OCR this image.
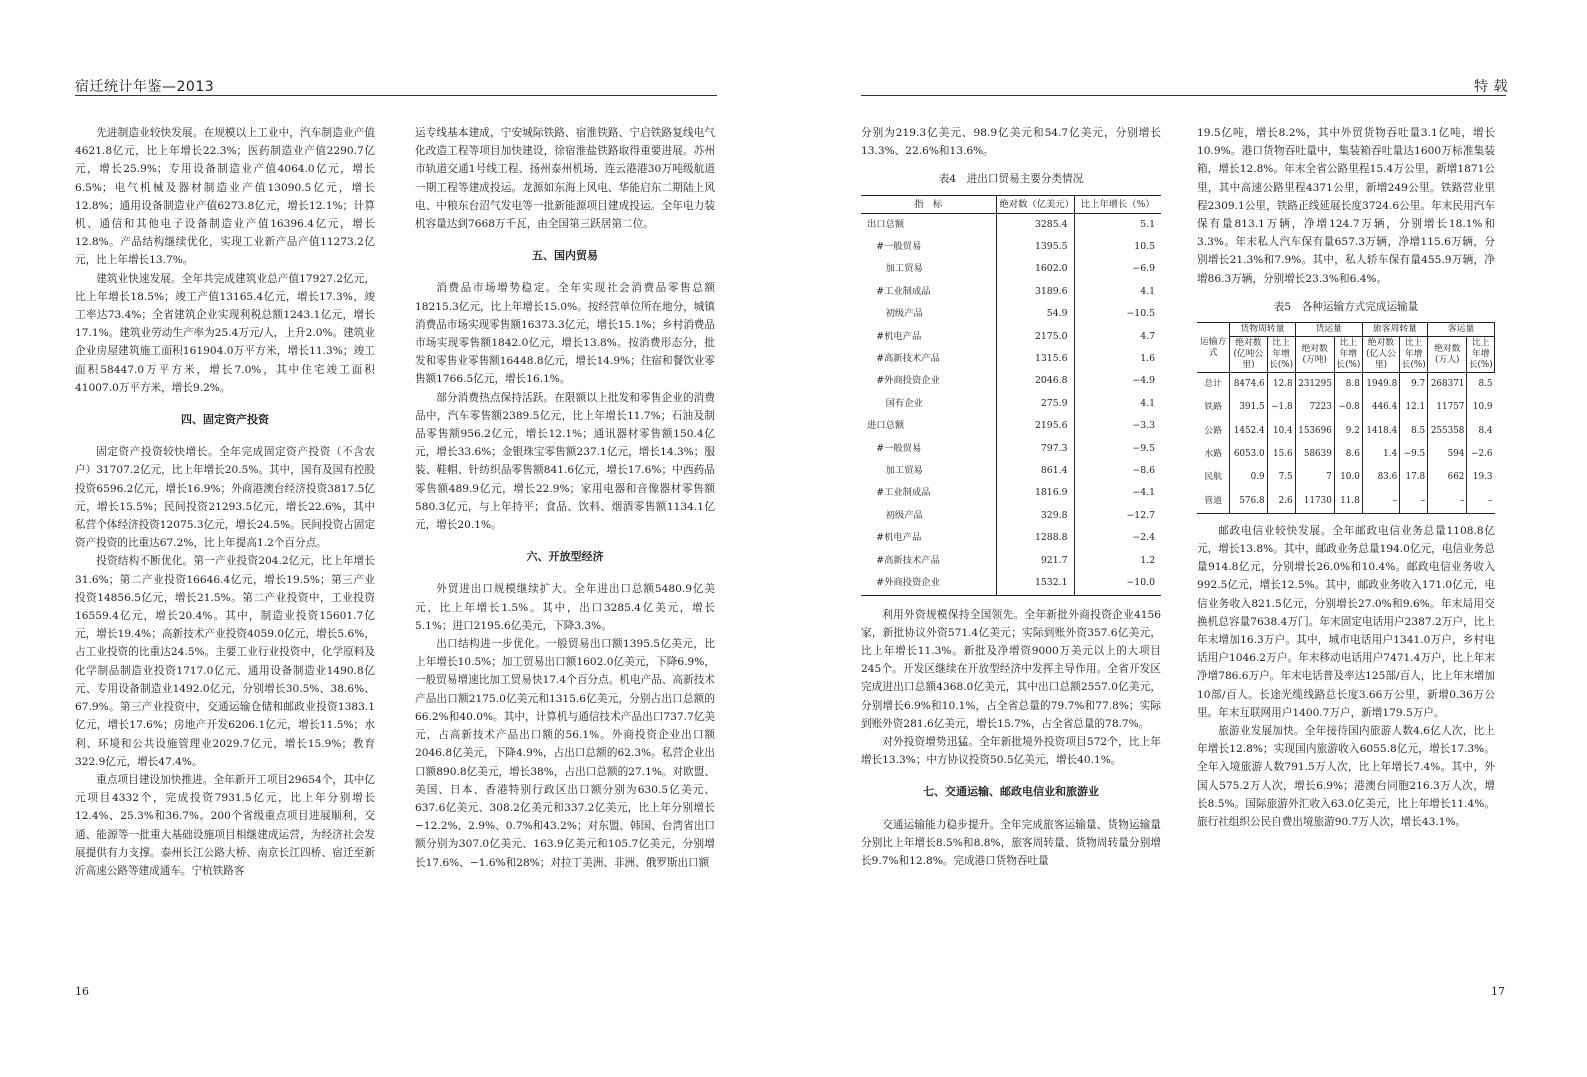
宿迁统计年鉴—2013

先进制造业较快发展。在规模以上工业中，汽车制造业产值4621.8亿元，比上年增长22.3%；医药制造业产值2290.7亿元，增长25.9%；专用设备制造业产值4064.0亿元，增长6.5%；电气机械及器材制造业产值13090.5亿元，增长12.8%；通用设备制造业产值6273.8亿元，增长12.1%；计算机、通信和其他电子设备制造业产值16396.4亿元，增长12.8%。产品结构继续优化，实现工业新产品产值11273.2亿元，比上年增长13.7%。

建筑业快速发展。全年共完成建筑业总产值17927.2亿元，比上年增长18.5%；竣工产值13165.4亿元，增长17.3%，竣工率达73.4%；全省建筑企业实现利税总额1243.1亿元，增长17.1%。建筑业劳动生产率为25.4万元/人，上升2.0%。建筑业企业房屋建筑施工面积161904.0万平方米，增长11.3%；竣工面积58447.0万平方米，增长7.0%，其中住宅竣工面积41007.0万平方米，增长9.2%。

四、固定资产投资

固定资产投资较快增长。全年完成固定资产投资（不含农户）31707.2亿元，比上年增长20.5%。其中，国有及国有控股投资6596.2亿元，增长16.9%；外商港澳台经济投资3817.5亿元，增长15.5%；民间投资21293.5亿元，增长22.6%，其中私营个体经济投资12075.3亿元，增长24.5%。民间投资占固定资产投资的比重达67.2%，比上年提高1.2个百分点。

投资结构不断优化。第一产业投资204.2亿元，比上年增长31.6%；第二产业投资16646.4亿元，增长19.5%；第三产业投资14856.5亿元，增长21.5%。第二产业投资中，工业投资16559.4亿元，增长20.4%。其中，制造业投资15601.7亿元，增长19.4%；高新技术产业投资4059.0亿元，增长5.6%，占工业投资的比重达24.5%。主要工业行业投资中，化学原料及化学制品制造业投资1717.0亿元、通用设备制造业1490.8亿元、专用设备制造业1492.0亿元，分别增长30.5%、38.6%、67.9%。第三产业投资中，交通运输仓储和邮政业投资1383.1亿元，增长17.6%；房地产开发6206.1亿元，增长11.5%；水利、环境和公共设施管理业2029.7亿元，增长15.9%；教育322.9亿元，增长47.4%。

重点项目建设加快推进。全年新开工项目29654个，其中亿元项目4332个，完成投资7931.5亿元，比上年分别增长12.4%、25.3%和36.7%。200个省级重点项目进展顺利，交通、能源等一批重大基础设施项目相继建成运营，为经济社会发展提供有力支撑。泰州长江公路大桥、南京长江四桥、宿迁至新沂高速公路等建成通车。宁杭铁路客

运专线基本建成，宁安城际铁路、宿淮铁路、宁启铁路复线电气化改造工程等项目加快建设，徐宿淮盐铁路取得重要进展。苏州市轨道交通1号线工程、扬州泰州机场、连云港港30万吨级航道一期工程等建成投运。龙源如东海上风电、华能启东二期陆上风电、中粮东台沼气发电等一批新能源项目建成投运。全年电力装机容量达到7668万千瓦，由全国第三跃居第二位。

五、国内贸易

消费品市场增势稳定。全年实现社会消费品零售总额18215.3亿元，比上年增长15.0%。按经营单位所在地分，城镇消费品市场实现零售额16373.3亿元，增长15.1%；乡村消费品市场实现零售额1842.0亿元，增长13.8%。按消费形态分，批发和零售业零售额16448.8亿元，增长14.9%；住宿和餐饮业零售额1766.5亿元，增长16.1%。

部分消费热点保持活跃。在限额以上批发和零售企业的消费品中，汽车零售额2389.5亿元，比上年增长11.7%；石油及制品零售额956.2亿元，增长12.1%；通讯器材零售额150.4亿元，增长33.6%；金银珠宝零售额237.1亿元，增长14.3%；服装、鞋帽、针纺织品零售额841.6亿元，增长17.6%；中西药品零售额489.9亿元，增长22.9%；家用电器和音像器材零售额580.3亿元，与上年持平；食品、饮料、烟酒零售额1134.1亿元，增长20.1%。

六、开放型经济

外贸进出口规模继续扩大。全年进出口总额5480.9亿美元，比上年增长1.5%。其中，出口3285.4亿美元，增长5.1%；进口2195.6亿美元，下降3.3%。

出口结构进一步优化。一般贸易出口额1395.5亿美元，比上年增长10.5%；加工贸易出口额1602.0亿美元，下降6.9%，一般贸易增速比加工贸易快17.4个百分点。机电产品、高新技术产品出口额2175.0亿美元和1315.6亿美元，分别占出口总额的66.2%和40.0%。其中，计算机与通信技术产品出口737.7亿美元，占高新技术产品出口额的56.1%。外商投资企业出口额2046.8亿美元，下降4.9%，占出口总额的62.3%。私营企业出口额890.8亿美元，增长38%，占出口总额的27.1%。对欧盟、美国、日本、香港特别行政区出口额分别为630.5亿美元、637.6亿美元、308.2亿美元和337.2亿美元，比上年分别增长−12.2%、2.9%、0.7%和43.2%；对东盟、韩国、台湾省出口额分别为307.0亿美元、163.9亿美元和105.7亿美元，分别增长17.6%、−1.6%和28%；对拉丁美洲、非洲、俄罗斯出口额

16
特 载

分别为219.3亿美元、98.9亿美元和54.7亿美元，分别增长13.3%、22.6%和13.6%。

表4　进出口贸易主要分类情况
指　标	绝对数（亿美元）	比上年增长（%）
出口总额	3285.4	5.1
　#一般贸易	1395.5	10.5
　　加工贸易	1602.0	−6.9
　#工业制成品	3189.6	4.1
　　初级产品	54.9	−10.5
　#机电产品	2175.0	4.7
　#高新技术产品	1315.6	1.6
　#外商投资企业	2046.8	−4.9
　　国有企业	275.9	4.1
进口总额	2195.6	−3.3
　#一般贸易	797.3	−9.5
　　加工贸易	861.4	−8.6
　#工业制成品	1816.9	−4.1
　　初级产品	329.8	−12.7
　#机电产品	1288.8	−2.4
　#高新技术产品	921.7	1.2
　#外商投资企业	1532.1	−10.0

利用外资规模保持全国领先。全年新批外商投资企业4156家，新批协议外资571.4亿美元；实际到账外资357.6亿美元，比上年增长11.3%。新批及净增资9000万美元以上的大项目245个。开发区继续在开放型经济中发挥主导作用。全省开发区完成进出口总额4368.0亿美元，其中出口总额2557.0亿美元，分别增长6.9%和10.1%，占全省总量的79.7%和77.8%；实际到账外资281.6亿美元，增长15.7%，占全省总量的78.7%。

对外投资增势迅猛。全年新批境外投资项目572个，比上年增长13.3%；中方协议投资50.5亿美元，增长40.1%。

七、交通运输、邮政电信业和旅游业

交通运输能力稳步提升。全年完成旅客运输量、货物运输量分别比上年增长8.5%和8.8%，旅客周转量、货物周转量分别增长9.7%和12.8%。完成港口货物吞吐量

19.5亿吨，增长8.2%，其中外贸货物吞吐量3.1亿吨，增长10.9%。港口货物吞吐量中，集装箱吞吐量达1600万标准集装箱，增长12.8%。年末全省公路里程15.4万公里，新增1871公里，其中高速公路里程4371公里，新增249公里。铁路营业里程2309.1公里，铁路正线延展长度3724.6公里。年末民用汽车保有量813.1万辆，净增124.7万辆，分别增长18.1%和3.3%。年末私人汽车保有量657.3万辆，净增115.6万辆，分别增长21.3%和7.9%。其中，私人轿车保有量455.9万辆，净增86.3万辆，分别增长23.3%和6.4%。

表5　各种运输方式完成运输量
运输方式	货物周转量		货运量		旅客周转量		客运量	
	绝对数(亿吨公里)	比上年增长(%)	绝对数(万吨)	比上年增长(%)	绝对数(亿人公里)	比上年增长(%)	绝对数(万人)	比上年增长(%)
总计	8474.6	12.8	231295	8.8	1949.8	9.7	268371	8.5
铁路	391.5	−1.8	7223	−0.8	446.4	12.1	11757	10.9
公路	1452.4	10.4	153696	9.2	1418.4	8.5	255358	8.4
水路	6053.0	15.6	58639	8.6	1.4	−9.5	594	−2.6
民航	0.9	7.5	7	10.0	83.6	17.8	662	19.3
管道	576.8	2.6	11730	11.8	–	–	–	–

邮政电信业较快发展。全年邮政电信业务总量1108.8亿元，增长13.8%。其中，邮政业务总量194.0亿元，电信业务总量914.8亿元，分别增长26.0%和10.4%。邮政电信业务收入992.5亿元，增长12.5%。其中，邮政业务收入171.0亿元，电信业务收入821.5亿元，分别增长27.0%和9.6%。年末局用交换机总容量7638.4万门。年末固定电话用户2387.2万户，比上年末增加16.3万户。其中，城市电话用户1341.0万户，乡村电话用户1046.2万户。年末移动电话用户7471.4万户，比上年末净增786.6万户。年末电话普及率达125部/百人，比上年末增加10部/百人。长途光缆线路总长度3.66万公里，新增0.36万公里。年末互联网用户1400.7万户，新增179.5万户。

旅游业发展加快。全年接待国内旅游人数4.6亿人次，比上年增长12.8%；实现国内旅游收入6055.8亿元，增长17.3%。全年入境旅游人数791.5万人次，比上年增长7.4%。其中，外国人575.2万人次，增长6.9%；港澳台同胞216.3万人次，增长8.5%。国际旅游外汇收入63.0亿美元，比上年增长11.4%。旅行社组织公民自费出境旅游90.7万人次，增长43.1%。

17
